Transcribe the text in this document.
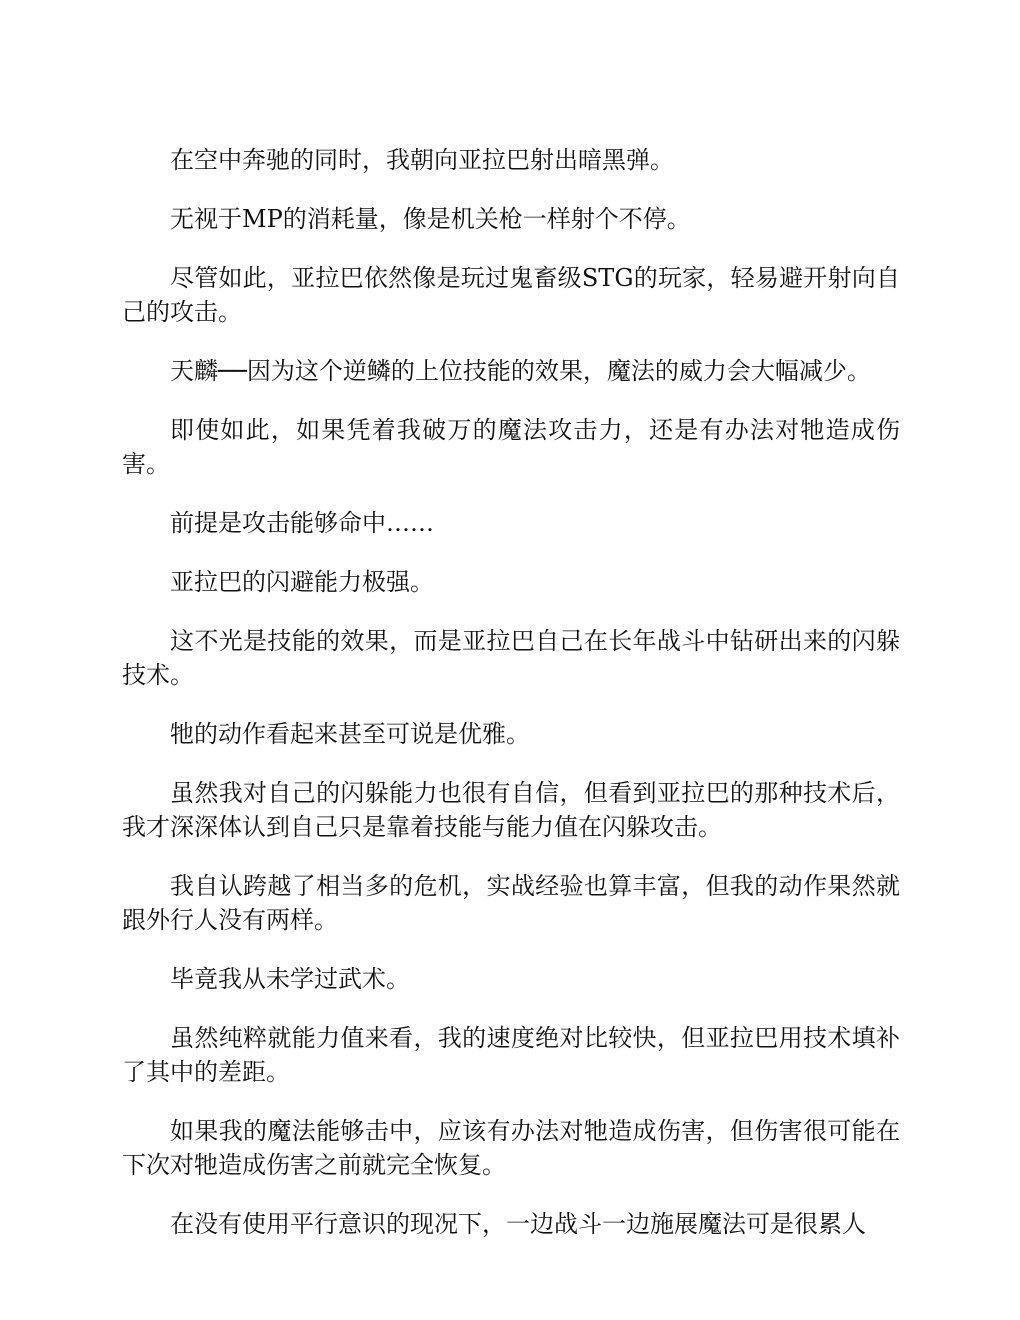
在空中奔驰的同时，我朝向亚拉巴射出暗黑弹。

无视于MP的消耗量，像是机关枪一样射个不停。

尽管如此，亚拉巴依然像是玩过鬼畜级STG的玩家，轻易避开射向自己的攻击。

天麟──因为这个逆鳞的上位技能的效果，魔法的威力会大幅减少。

即使如此，如果凭着我破万的魔法攻击力，还是有办法对牠造成伤害。

前提是攻击能够命中……

亚拉巴的闪避能力极强。

这不光是技能的效果，而是亚拉巴自己在长年战斗中钻研出来的闪躲技术。

牠的动作看起来甚至可说是优雅。

虽然我对自己的闪躲能力也很有自信，但看到亚拉巴的那种技术后，我才深深体认到自己只是靠着技能与能力值在闪躲攻击。

我自认跨越了相当多的危机，实战经验也算丰富，但我的动作果然就跟外行人没有两样。

毕竟我从未学过武术。

虽然纯粹就能力值来看，我的速度绝对比较快，但亚拉巴用技术填补了其中的差距。

如果我的魔法能够击中，应该有办法对牠造成伤害，但伤害很可能在下次对牠造成伤害之前就完全恢复。

在没有使用平行意识的现况下，一边战斗一边施展魔法可是很累人
